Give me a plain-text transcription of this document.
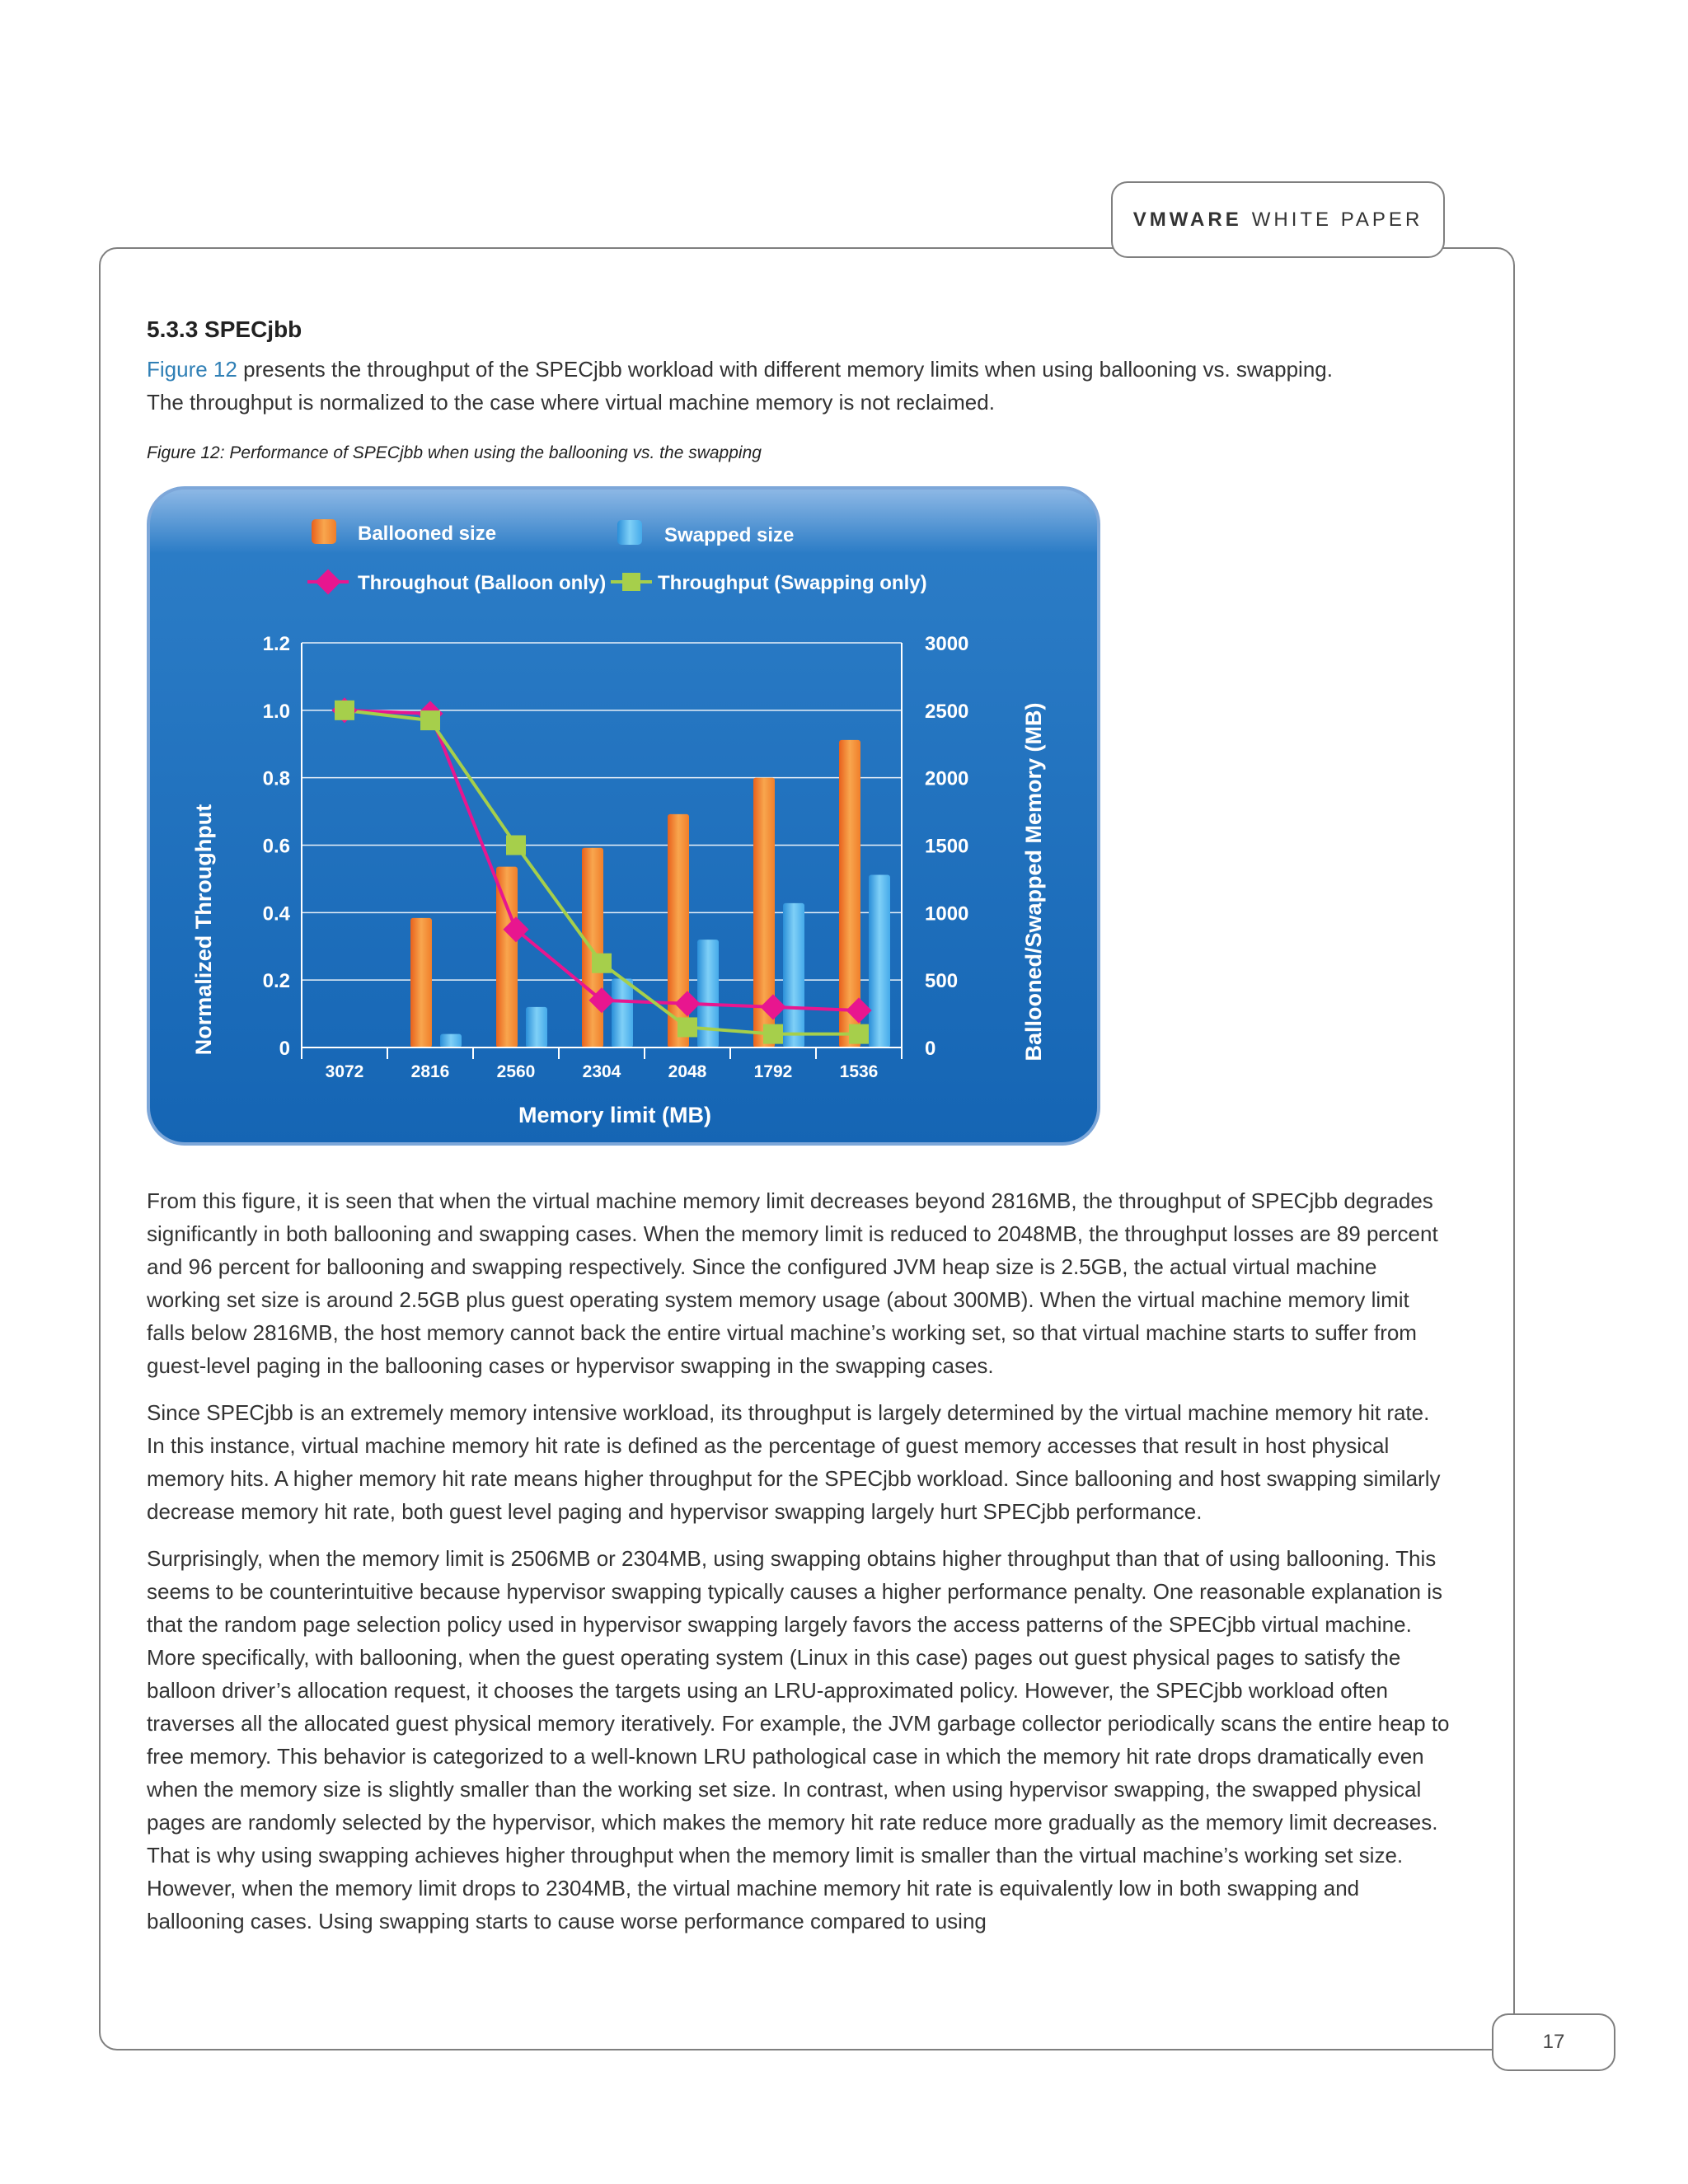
VMWARE WHITE PAPER
5.3.3 SPECjbb
Figure 12 presents the throughput of the SPECjbb workload with different memory limits when using ballooning vs. swapping.
The throughput is normalized to the case where virtual machine memory is not reclaimed.
Figure 12: Performance of SPECjbb when using the ballooning vs. the swapping
Ballooned size	Swapped size
Throughout (Balloon only)	Throughput (Swapping only)
0
0.2
0.4
0.6
0.8
1.0
1.2
0
500
1000
1500
2000
2500
3000
3072	2816	2560	2304	2048	1792	1536
Memory limit (MB)
Normalized Throughput	Ballooned/Swapped Memory (MB)

From this figure, it is seen that when the virtual machine memory limit decreases beyond 2816MB, the throughput of SPECjbb degrades significantly in both ballooning and swapping cases. When the memory limit is reduced to 2048MB, the throughput losses are 89 percent and 96 percent for ballooning and swapping respectively. Since the configured JVM heap size is 2.5GB, the actual virtual machine working set size is around 2.5GB plus guest operating system memory usage (about 300MB). When the virtual machine memory limit falls below 2816MB, the host memory cannot back the entire virtual machine’s working set, so that virtual machine starts to suffer from guest-level paging in the ballooning cases or hypervisor swapping in the swapping cases.

Since SPECjbb is an extremely memory intensive workload, its throughput is largely determined by the virtual machine memory hit rate. In this instance, virtual machine memory hit rate is defined as the percentage of guest memory accesses that result in host physical memory hits. A higher memory hit rate means higher throughput for the SPECjbb workload. Since ballooning and host swapping similarly decrease memory hit rate, both guest level paging and hypervisor swapping largely hurt SPECjbb performance.

Surprisingly, when the memory limit is 2506MB or 2304MB, using swapping obtains higher throughput than that of using ballooning. This seems to be counterintuitive because hypervisor swapping typically causes a higher performance penalty. One reasonable explanation is that the random page selection policy used in hypervisor swapping largely favors the access patterns of the SPECjbb virtual machine. More specifically, with ballooning, when the guest operating system (Linux in this case) pages out guest physical pages to satisfy the balloon driver’s allocation request, it chooses the targets using an LRU-approximated policy. However, the SPECjbb workload often traverses all the allocated guest physical memory iteratively. For example, the JVM garbage collector periodically scans the entire heap to free memory. This behavior is categorized to a well-known LRU pathological case in which the memory hit rate drops dramatically even when the memory size is slightly smaller than the working set size. In contrast, when using hypervisor swapping, the swapped physical pages are randomly selected by the hypervisor, which makes the memory hit rate reduce more gradually as the memory limit decreases. That is why using swapping achieves higher throughput when the memory limit is smaller than the virtual machine’s working set size. However, when the memory limit drops to 2304MB, the virtual machine memory hit rate is equivalently low in both swapping and ballooning cases. Using swapping starts to cause worse performance compared to using

17
